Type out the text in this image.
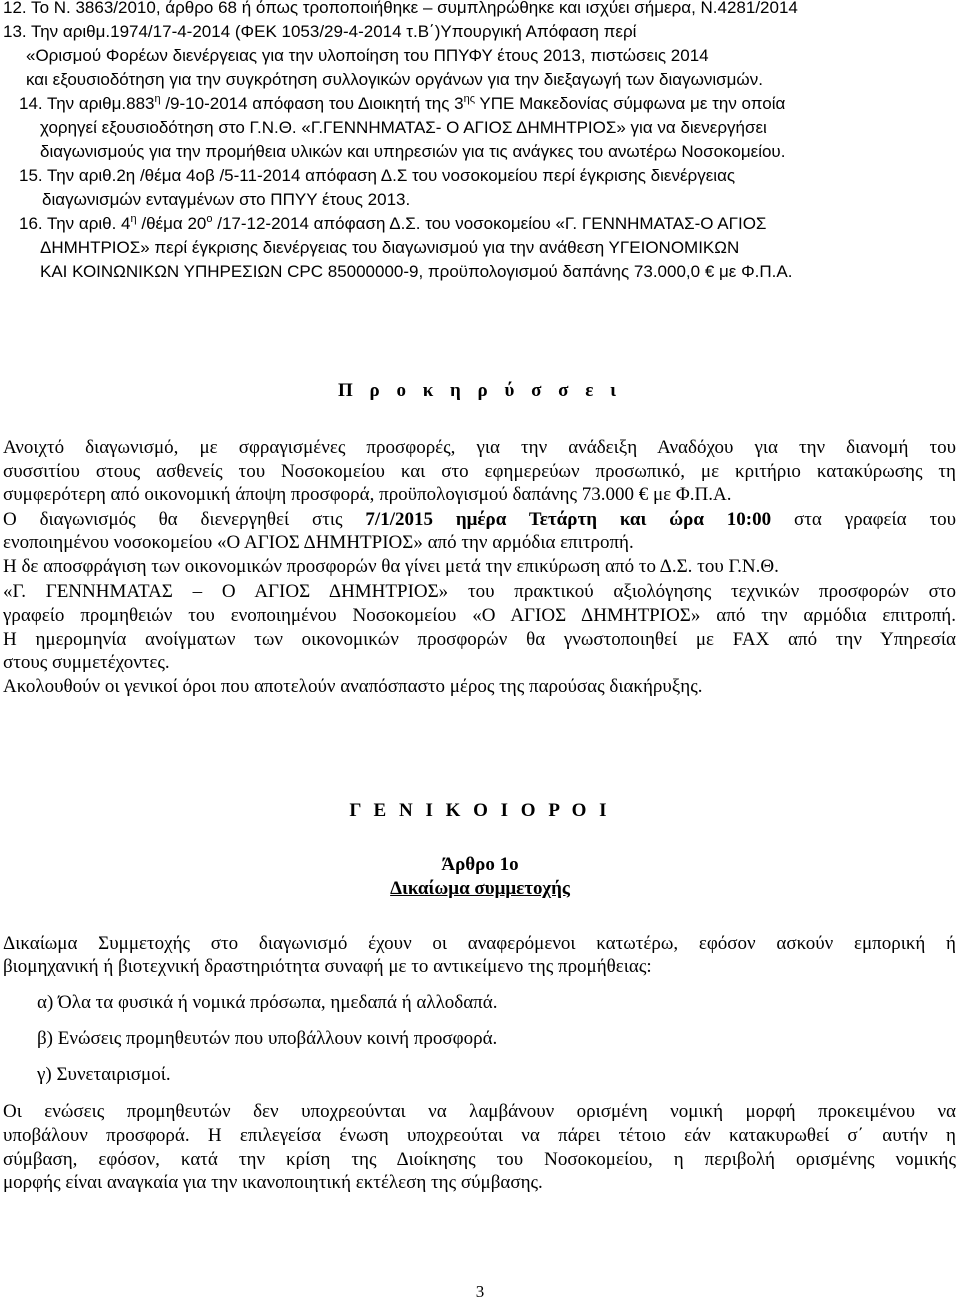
12. Το Ν. 3863/2010, άρθρο 68 ή όπως τροποποιήθηκε – συμπληρώθηκε και ισχύει σήμερα, Ν.4281/2014
13. Την αριθμ.1974/17-4-2014 (ΦΕΚ 1053/29-4-2014 τ.Β΄)Υπουργική Απόφαση περί
«Ορισμού Φορέων διενέργειας για την υλοποίηση του ΠΠΥΦΥ έτους 2013, πιστώσεις 2014
και εξουσιοδότηση για την συγκρότηση συλλογικών οργάνων για την διεξαγωγή των διαγωνισμών.
14. Την $\alpha\rho\iota\theta\mu.883^\eta$ /9-10-2014 απόφαση του Διοικητή της $3^{\eta\varsigma}$ ΥΠΕ Μακεδονίας σύμφωνα με την οποία
χορηγεί εξουσιοδότηση στο Γ.Ν.Θ. «Γ.ΓΕΝΝΗΜΑΤΑΣ- Ο ΑΓΙΟΣ ΔΗΜΗΤΡΙΟΣ» για να διενεργήσει
διαγωνισμούς για την προμήθεια υλικών και υπηρεσιών για τις ανάγκες του ανωτέρω Νοσοκομείου.
15. Την αριθ.2η /θέμα 4οβ /5-11-2014 απόφαση Δ.Σ του νοσοκομείου περί έγκρισης διενέργειας
διαγωνισμών ενταγμένων στο ΠΠΥΥ έτους 2013.
16. Την αριθ. $4^\eta$ /θέμα $20^o$ /17-12-2014 απόφαση Δ.Σ. του νοσοκομείου «Γ. ΓΕΝΝΗΜΑΤΑΣ-Ο ΑΓΙΟΣ
ΔΗΜΗΤΡΙΟΣ» περί έγκρισης διενέργειας του διαγωνισμού για την ανάθεση ΥΓΕΙΟΝΟΜΙΚΩΝ
ΚΑΙ ΚΟΙΝΩΝΙΚΩΝ ΥΠΗΡΕΣΙΩΝ CPC 85000000-9, προϋπολογισμού δαπάνης 73.000,0 € με Φ.Π.Α.
Π ρ ο κ η ρ ύ σ σ ε ι
Ανοιχτό διαγωνισμό, με σφραγισμένες προσφορές, για την ανάδειξη Αναδόχου για την διανομή του
συσσιτίου στους ασθενείς του Νοσοκομείου και στο εφημερεύων προσωπικό, με κριτήριο κατακύρωσης τη
συμφερότερη από οικονομική άποψη προσφορά, προϋπολογισμού δαπάνης 73.000 € με Φ.Π.Α.
Ο διαγωνισμός θα διενεργηθεί στις 7/1/2015 ημέρα Τετάρτη και ώρα 10:00 στα γραφεία του
ενοποιημένου νοσοκομείου «Ο ΑΓΙΟΣ ΔΗΜΗΤΡΙΟΣ» από την αρμόδια επιτροπή.
Η δε αποσφράγιση των οικονομικών προσφορών θα γίνει μετά την επικύρωση από το Δ.Σ. του Γ.Ν.Θ.
«Γ. ΓΕΝΝΗΜΑΤΑΣ – Ο ΑΓΙΟΣ ΔΗΜΗΤΡΙΟΣ» του πρακτικού αξιολόγησης τεχνικών προσφορών στο
γραφείο προμηθειών του ενοποιημένου Νοσοκομείου «Ο ΑΓΙΟΣ ΔΗΜΗΤΡΙΟΣ» από την αρμόδια επιτροπή.
Η ημερομηνία ανοίγματων των οικονομικών προσφορών θα γνωστοποιηθεί με FAX από την Υπηρεσία
στους συμμετέχοντες.
Ακολουθούν οι γενικοί όροι που αποτελούν αναπόσπαστο μέρος της παρούσας διακήρυξης.
Γ Ε Ν Ι Κ Ο Ι Ο Ρ Ο Ι
Άρθρο 1ο
Δικαίωμα συμμετοχής
Δικαίωμα Συμμετοχής στο διαγωνισμό έχουν οι αναφερόμενοι κατωτέρω, εφόσον ασκούν εμπορική ή
βιομηχανική ή βιοτεχνική δραστηριότητα συναφή με το αντικείμενο της προμήθειας:
α) Όλα τα φυσικά ή νομικά πρόσωπα, ημεδαπά ή αλλοδαπά.
β) Ενώσεις προμηθευτών που υποβάλλουν κοινή προσφορά.
γ) Συνεταιρισμοί.
Οι ενώσεις προμηθευτών δεν υποχρεούνται να λαμβάνουν ορισμένη νομική μορφή προκειμένου να
υποβάλουν προσφορά. Η επιλεγείσα ένωση υποχρεούται να πάρει τέτοιο εάν κατακυρωθεί σ΄ αυτήν η
σύμβαση, εφόσον, κατά την κρίση της Διοίκησης του Νοσοκομείου, η περιβολή ορισμένης νομικής
μορφής είναι αναγκαία για την ικανοποιητική εκτέλεση της σύμβασης.
3
